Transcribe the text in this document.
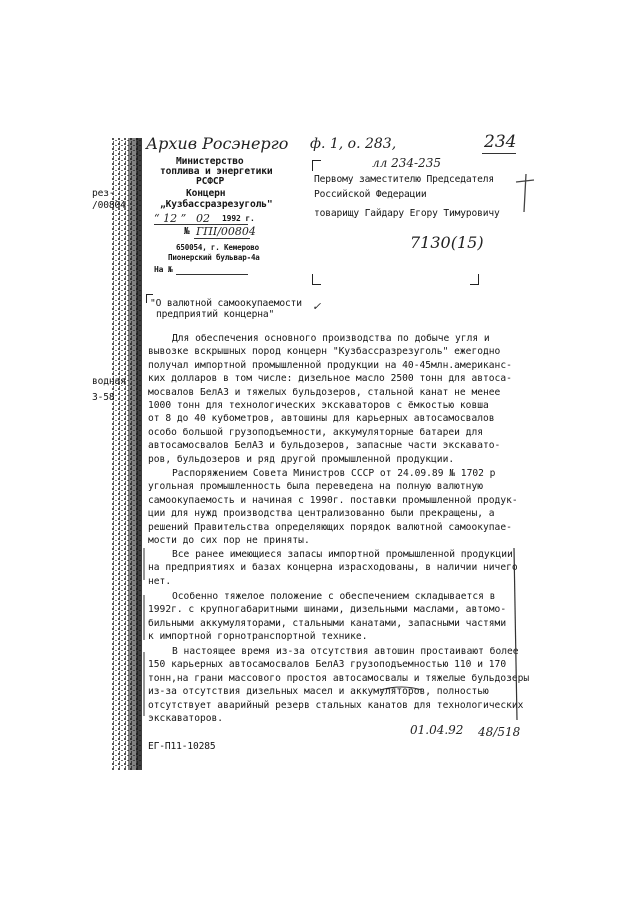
рез-
/00804
водная
3-58
Архив Росэнерго ф. 1, о. 283,
лл 234-235
234
Министерство
топлива и энергетики
РСФСР
Концерн
„Кузбассразрезуголь"
“ 12 ” 02 1992 г.
№ ГПI/00804
650054, г. Кемерово
Пионерский бульвар-4а
На №
Первому заместителю Председателя
Российской Федерации
товарищу Гайдару Егору Тимуровичу
7130(15)
"О валютной самоокупаемости
предприятий концерна"
✓
Для обеспечения основного производства по добыче угля и
вывозке вскрышных пород концерн "Кузбассразрезуголь" ежегодно
получал импортной промышленной продукции на 40-45млн.американс-
ких долларов в том числе: дизельное масло 2500 тонн для автоса-
мосвалов БелАЗ и тяжелых бульдозеров, стальной канат не менее
1000 тонн для технологических экскаваторов с ёмкостью ковша
от 8 до 40 кубометров, автошины для карьерных автосамосвалов
особо большой грузоподъемности, аккумуляторные батареи для
автосамосвалов БелАЗ и бульдозеров, запасные части экскавато-
ров, бульдозеров и ряд другой промышленной продукции.
Распоряжением Совета Министров СССР от 24.09.89 № 1702 р
угольная промышленность была переведена на полную валютную
самоокупаемость и начиная с 1990г. поставки промышленной продук-
ции для нужд производства централизованно были прекращены, а
решений Правительства определяющих порядок валютной самоокупае-
мости до сих пор не приняты.
Все ранее имеющиеся запасы импортной промышленной продукции
на предприятиях и базах концерна израсходованы, в наличии ничего
нет.
Особенно тяжелое положение с обеспечением складывается в
1992г. с крупногабаритными шинами, дизельными маслами, автомо-
бильными аккумуляторами, стальными канатами, запасными частями
к импортной горнотранспортной технике.
В настоящее время из-за отсутствия автошин простаивают более
150 карьерных автосамосвалов БелАЗ грузоподъемностью 110 и 170
тонн,на грани массового простоя автосамосвалы и тяжелые бульдозеры
из-за отсутствия дизельных масел и аккумуляторов, полностью
отсутствует аварийный резерв стальных канатов для технологических
экскаваторов.
ЕГ-П11-10285
01.04.92 48/518
